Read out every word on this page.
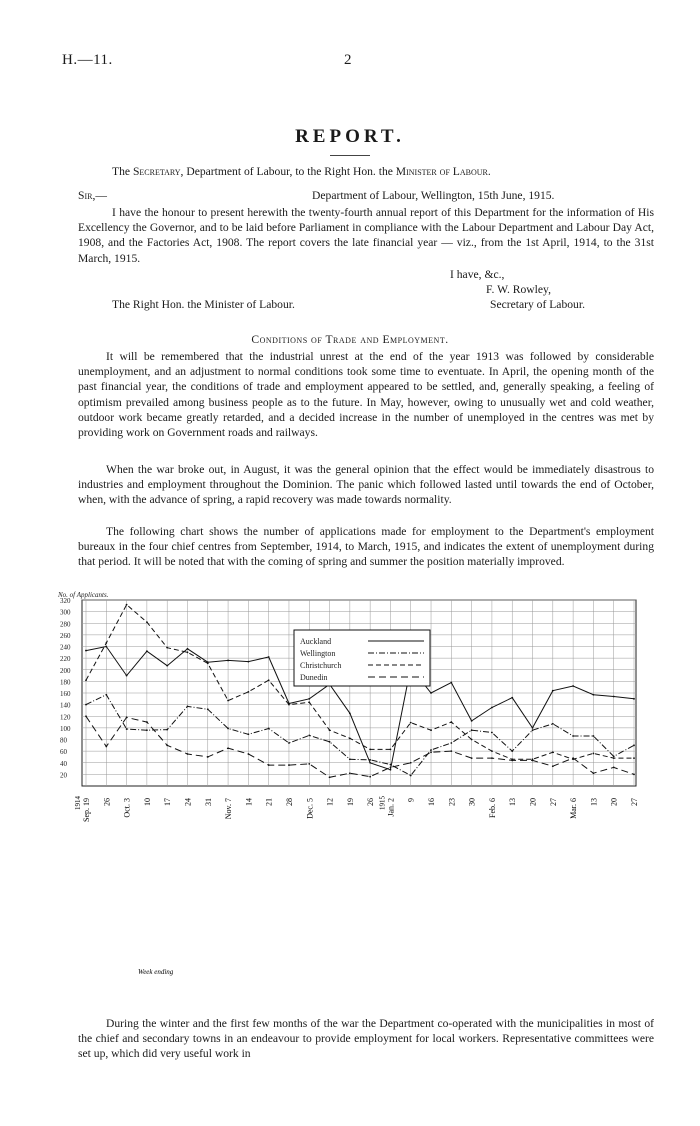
H.—11.	2
REPORT.
The Secretary, Department of Labour, to the Right Hon. the Minister of Labour.
Sir,—	Department of Labour, Wellington, 15th June, 1915.
I have the honour to present herewith the twenty-fourth annual report of this Department for the information of His Excellency the Governor, and to be laid before Parliament in compliance with the Labour Department and Labour Day Act, 1908, and the Factories Act, 1908. The report covers the late financial year — viz., from the 1st April, 1914, to the 31st March, 1915.
I have, &c.,
F. W. Rowley,
The Right Hon. the Minister of Labour.	Secretary of Labour.
Conditions of Trade and Employment.
It will be remembered that the industrial unrest at the end of the year 1913 was followed by considerable unemployment, and an adjustment to normal conditions took some time to eventuate. In April, the opening month of the past financial year, the conditions of trade and employment appeared to be settled, and, generally speaking, a feeling of optimism prevailed among business people as to the future. In May, however, owing to unusually wet and cold weather, outdoor work became greatly retarded, and a decided increase in the number of unemployed in the centres was met by providing work on Government roads and railways.
When the war broke out, in August, it was the general opinion that the effect would be immediately disastrous to industries and employment throughout the Dominion. The panic which followed lasted until towards the end of October, when, with the advance of spring, a rapid recovery was made towards normality.
The following chart shows the number of applications made for employment to the Department's employment bureaux in the four chief centres from September, 1914, to March, 1915, and indicates the extent of unemployment during that period. It will be noted that with the coming of spring and summer the position materially improved.
No. of Applicants.
20
40
60
80
100
120
140
160
180
200
220
240
260
280
300
320
Auckland
Wellington
Christchurch
Dunedin
Sep. 19 26 Oct. 3 10 17 24 31 Nov. 7 14 21 28 Dec. 5 12 19 26 Jan. 2 9 16 23 30 Feb. 6 13 20 27 Mar. 6 13 20 27
1914	1915
Week ending
During the winter and the first few months of the war the Department co-operated with the municipalities in most of the chief and secondary towns in an endeavour to provide employment for local workers. Representative committees were set up, which did very useful work in
